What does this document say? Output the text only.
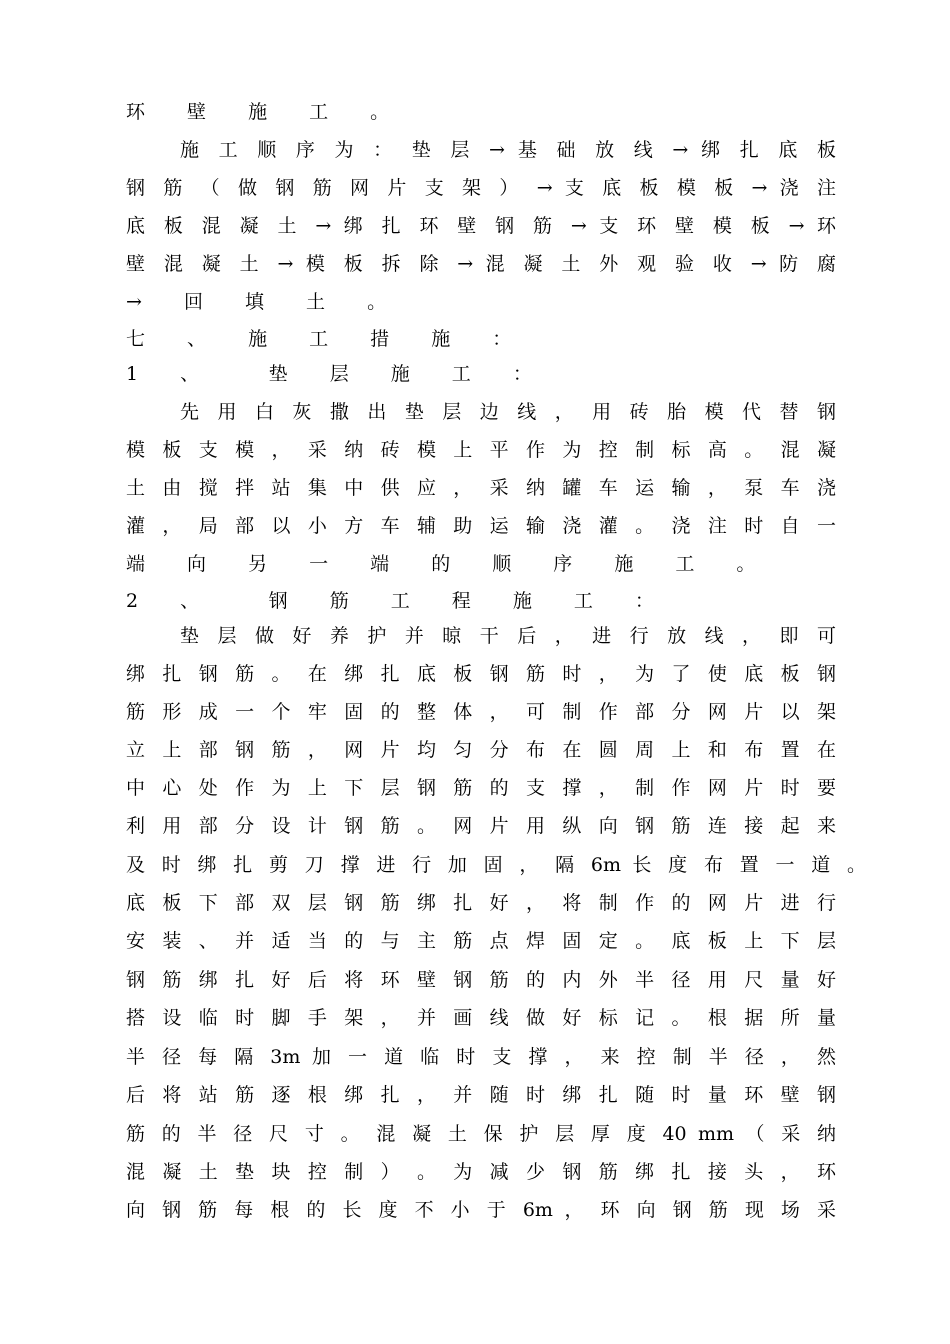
环 壁 施 工 。
施 工 顺 序 为 ： 垫 层 → 基 础 放 线 → 绑 扎 底 板
钢 筋 （ 做 钢 筋 网 片 支 架 ） → 支 底 板 模 板 → 浇 注
底 板 混 凝 土 → 绑 扎 环 壁 钢 筋 → 支 环 壁 模 板 → 环
壁 混 凝 土 → 模 板 拆 除 → 混 凝 土 外 观 验 收 → 防 腐
→ 回 填 土 。
七 、 施 工 措 施 ：
1 、　 垫 层 施 工 ：
先 用 白 灰 撒 出 垫 层 边 线 ， 用 砖 胎 模 代 替 钢
模 板 支 模 ， 采 纳 砖 模 上 平 作 为 控 制 标 高 。 混 凝
土 由 搅 拌 站 集 中 供 应 ， 采 纳 罐 车 运 输 ， 泵 车 浇
灌 ， 局 部 以 小 方 车 辅 助 运 输 浇 灌 。 浇 注 时 自 一
端 向 另 一 端 的 顺 序 施 工 。
2 、　 钢 筋 工 程 施 工 ：
垫 层 做 好 养 护 并 晾 干 后 ， 进 行 放 线 ， 即 可
绑 扎 钢 筋 。 在 绑 扎 底 板 钢 筋 时 ， 为 了 使 底 板 钢
筋 形 成 一 个 牢 固 的 整 体 ， 可 制 作 部 分 网 片 以 架
立 上 部 钢 筋 ， 网 片 均 匀 分 布 在 圆 周 上 和 布 置 在
中 心 处 作 为 上 下 层 钢 筋 的 支 撑 ， 制 作 网 片 时 要
利 用 部 分 设 计 钢 筋 。 网 片 用 纵 向 钢 筋 连 接 起 来
及 时 绑 扎 剪 刀 撑 进 行 加 固 ， 隔 6m 长 度 布 置 一 道 。
底 板 下 部 双 层 钢 筋 绑 扎 好 ， 将 制 作 的 网 片 进 行
安 装 、 并 适 当 的 与 主 筋 点 焊 固 定 。 底 板 上 下 层
钢 筋 绑 扎 好 后 将 环 壁 钢 筋 的 内 外 半 径 用 尺 量 好
搭 设 临 时 脚 手 架 ， 并 画 线 做 好 标 记 。 根 据 所 量
半 径 每 隔 3m 加 一 道 临 时 支 撑 ， 来 控 制 半 径 ， 然
后 将 站 筋 逐 根 绑 扎 ， 并 随 时 绑 扎 随 时 量 环 壁 钢
筋 的 半 径 尺 寸 。 混 凝 土 保 护 层 厚 度 40 mm （ 采 纳
混 凝 土 垫 块 控 制 ） 。 为 减 少 钢 筋 绑 扎 接 头 ， 环
向 钢 筋 每 根 的 长 度 不 小 于 6m ， 环 向 钢 筋 现 场 采
